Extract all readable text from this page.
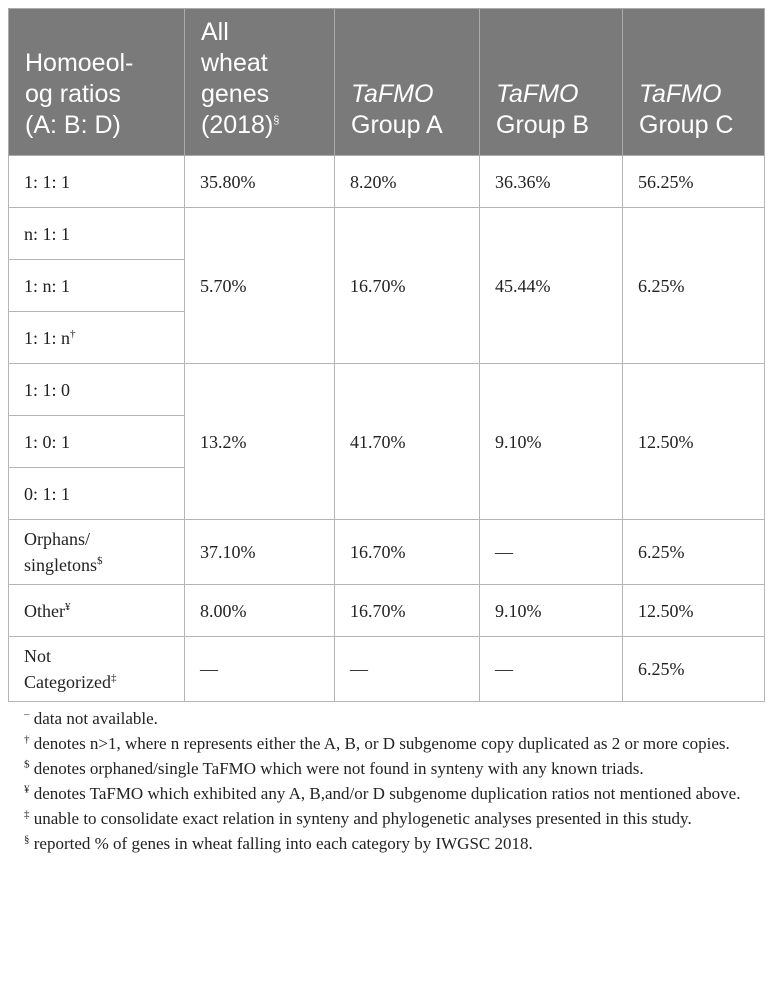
Homoeol-
og ratios
(A: B: D)	All
wheat
genes
(2018)§	TaFMO
Group A	TaFMO
Group B	TaFMO
Group C
1: 1: 1	35.80%	8.20%	36.36%	56.25%
n: 1: 1	5.70%	16.70%	45.44%	6.25%
1: n: 1				
1: 1: n†
1: 1: 0	13.2%	41.70%	9.10%	12.50%
1: 0: 1				
0: 1: 1				
Orphans/
singletons$	37.10%	16.70%	––	6.25%
Other¥	8.00%	16.70%	9.10%	12.50%
Not
Categorized‡	––	––	––	6.25%
– data not available.
† denotes n>1, where n represents either the A, B, or D subgenome copy duplicated as 2 or more copies.
$ denotes orphaned/single TaFMO which were not found in synteny with any known triads.
¥ denotes TaFMO which exhibited any A, B,and/or D subgenome duplication ratios not mentioned above.
‡ unable to consolidate exact relation in synteny and phylogenetic analyses presented in this study.
§ reported % of genes in wheat falling into each category by IWGSC 2018.
